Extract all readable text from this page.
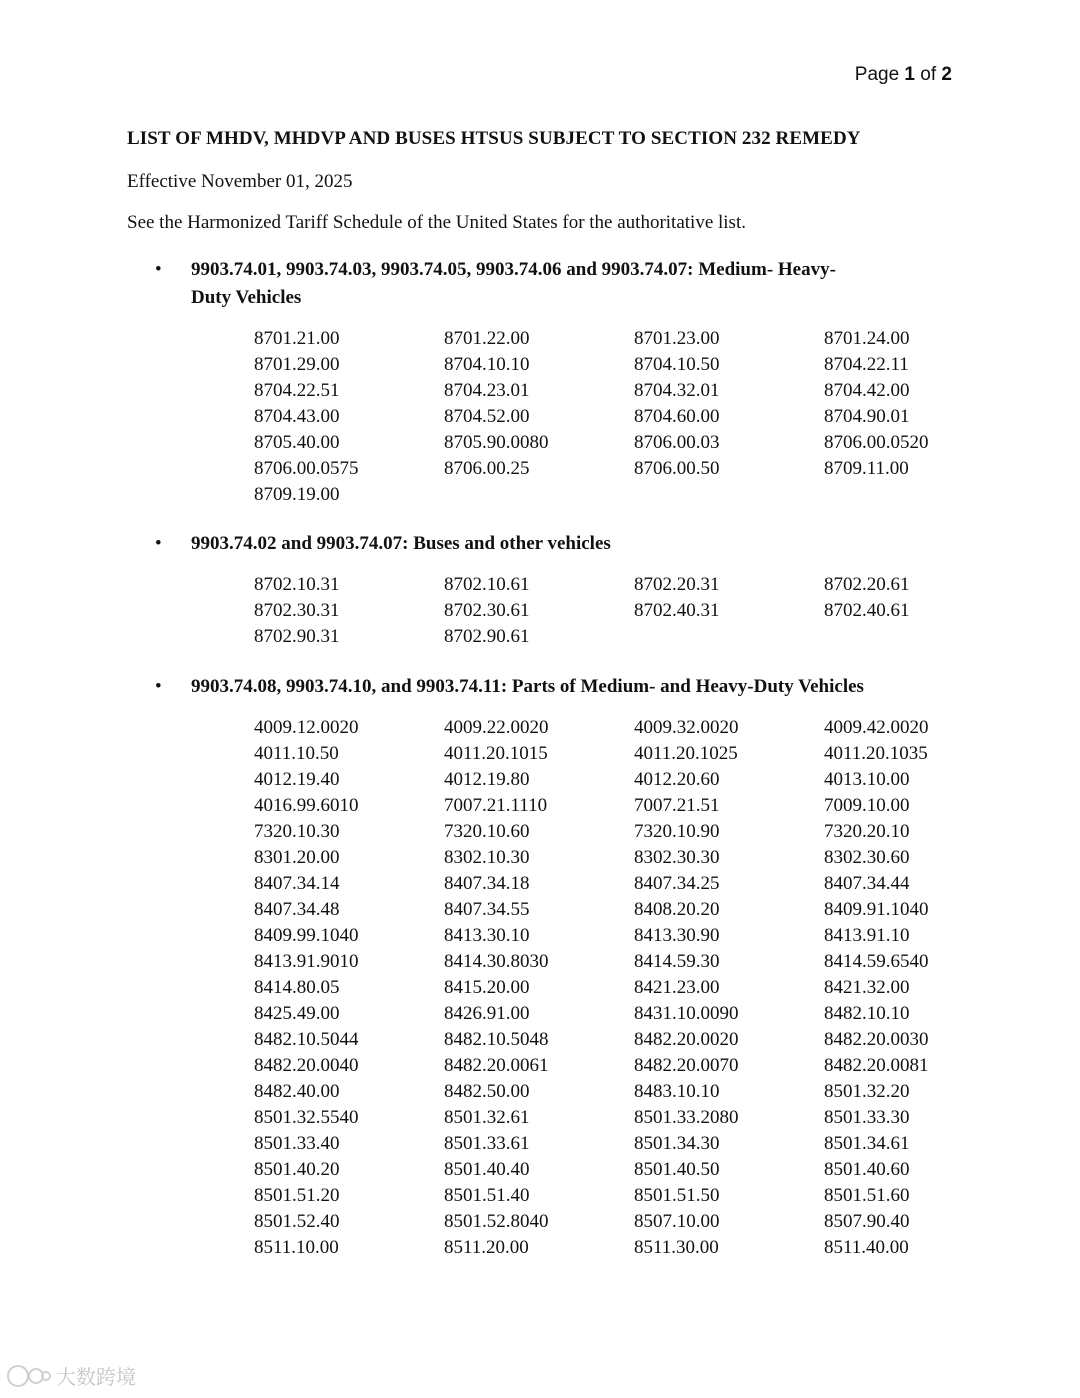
Page 1 of 2
LIST OF MHDV, MHDVP AND BUSES HTSUS SUBJECT TO SECTION 232 REMEDY
Effective November 01, 2025
See the Harmonized Tariff Schedule of the United States for the authoritative list.
• 9903.74.01, 9903.74.03, 9903.74.05, 9903.74.06 and 9903.74.07: Medium- Heavy-
Duty Vehicles
8701.21.00	8701.22.00	8701.23.00	8701.24.00
8701.29.00	8704.10.10	8704.10.50	8704.22.11
8704.22.51	8704.23.01	8704.32.01	8704.42.00
8704.43.00	8704.52.00	8704.60.00	8704.90.01
8705.40.00	8705.90.0080	8706.00.03	8706.00.0520
8706.00.0575	8706.00.25	8706.00.50	8709.11.00
8709.19.00
• 9903.74.02 and 9903.74.07: Buses and other vehicles
8702.10.31	8702.10.61	8702.20.31	8702.20.61
8702.30.31	8702.30.61	8702.40.31	8702.40.61
8702.90.31	8702.90.61
• 9903.74.08, 9903.74.10, and 9903.74.11: Parts of Medium- and Heavy-Duty Vehicles
4009.12.0020	4009.22.0020	4009.32.0020	4009.42.0020
4011.10.50	4011.20.1015	4011.20.1025	4011.20.1035
4012.19.40	4012.19.80	4012.20.60	4013.10.00
4016.99.6010	7007.21.1110	7007.21.51	7009.10.00
7320.10.30	7320.10.60	7320.10.90	7320.20.10
8301.20.00	8302.10.30	8302.30.30	8302.30.60
8407.34.14	8407.34.18	8407.34.25	8407.34.44
8407.34.48	8407.34.55	8408.20.20	8409.91.1040
8409.99.1040	8413.30.10	8413.30.90	8413.91.10
8413.91.9010	8414.30.8030	8414.59.30	8414.59.6540
8414.80.05	8415.20.00	8421.23.00	8421.32.00
8425.49.00	8426.91.00	8431.10.0090	8482.10.10
8482.10.5044	8482.10.5048	8482.20.0020	8482.20.0030
8482.20.0040	8482.20.0061	8482.20.0070	8482.20.0081
8482.40.00	8482.50.00	8483.10.10	8501.32.20
8501.32.5540	8501.32.61	8501.33.2080	8501.33.30
8501.33.40	8501.33.61	8501.34.30	8501.34.61
8501.40.20	8501.40.40	8501.40.50	8501.40.60
8501.51.20	8501.51.40	8501.51.50	8501.51.60
8501.52.40	8501.52.8040	8507.10.00	8507.90.40
8511.10.00	8511.20.00	8511.30.00	8511.40.00
大数跨境
